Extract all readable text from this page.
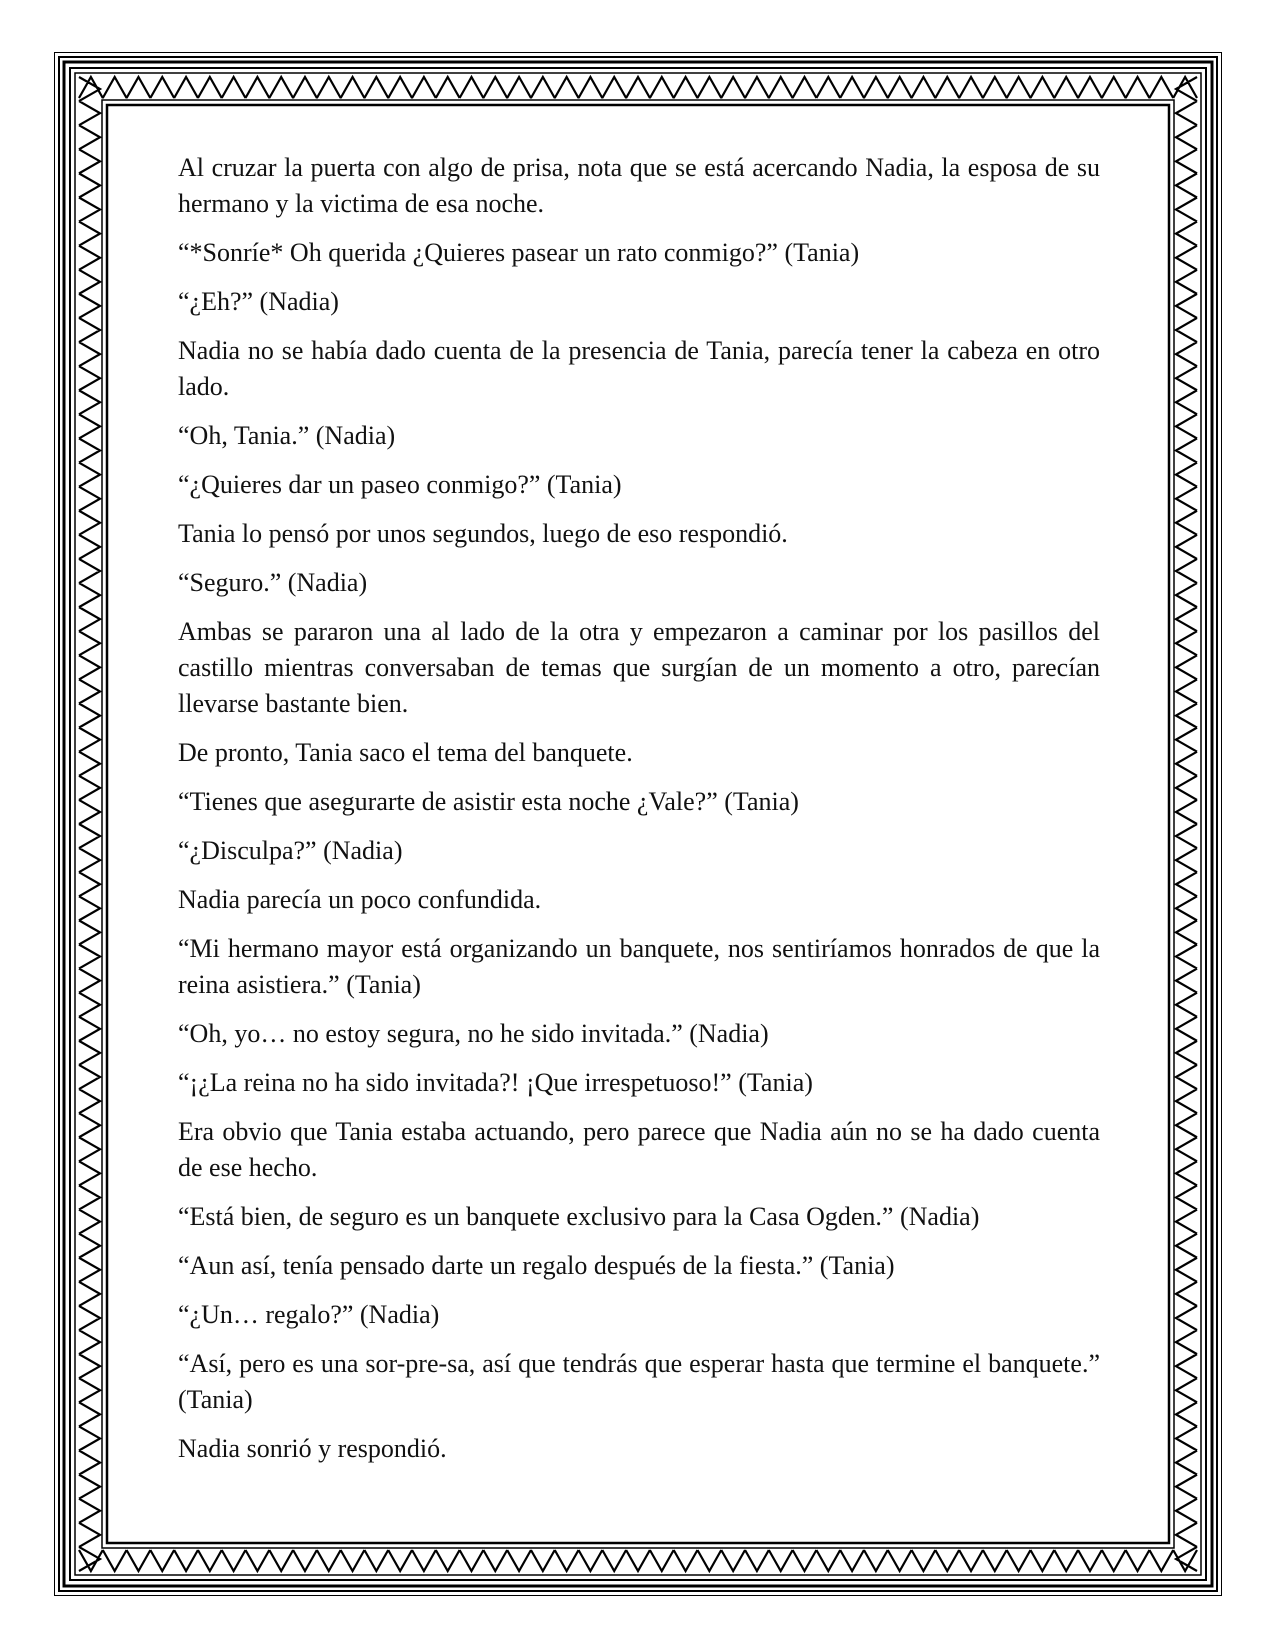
Al cruzar la puerta con algo de prisa, nota que se está acercando Nadia, la esposa de su hermano y la victima de esa noche.

“*Sonríe* Oh querida ¿Quieres pasear un rato conmigo?” (Tania)

“¿Eh?” (Nadia)

Nadia no se había dado cuenta de la presencia de Tania, parecía tener la cabeza en otro lado.

“Oh, Tania.” (Nadia)

“¿Quieres dar un paseo conmigo?” (Tania)

Tania lo pensó por unos segundos, luego de eso respondió.

“Seguro.” (Nadia)

Ambas se pararon una al lado de la otra y empezaron a caminar por los pasillos del castillo mientras conversaban de temas que surgían de un momento a otro, parecían llevarse bastante bien.

De pronto, Tania saco el tema del banquete.

“Tienes que asegurarte de asistir esta noche ¿Vale?” (Tania)

“¿Disculpa?” (Nadia)

Nadia parecía un poco confundida.

“Mi hermano mayor está organizando un banquete, nos sentiríamos honrados de que la reina asistiera.” (Tania)

“Oh, yo… no estoy segura, no he sido invitada.” (Nadia)

“¡¿La reina no ha sido invitada?! ¡Que irrespetuoso!” (Tania)

Era obvio que Tania estaba actuando, pero parece que Nadia aún no se ha dado cuenta de ese hecho.

“Está bien, de seguro es un banquete exclusivo para la Casa Ogden.” (Nadia)

“Aun así, tenía pensado darte un regalo después de la fiesta.” (Tania)

“¿Un… regalo?” (Nadia)

“Así, pero es una sor-pre-sa, así que tendrás que esperar hasta que termine el banquete.” (Tania)

Nadia sonrió y respondió.
